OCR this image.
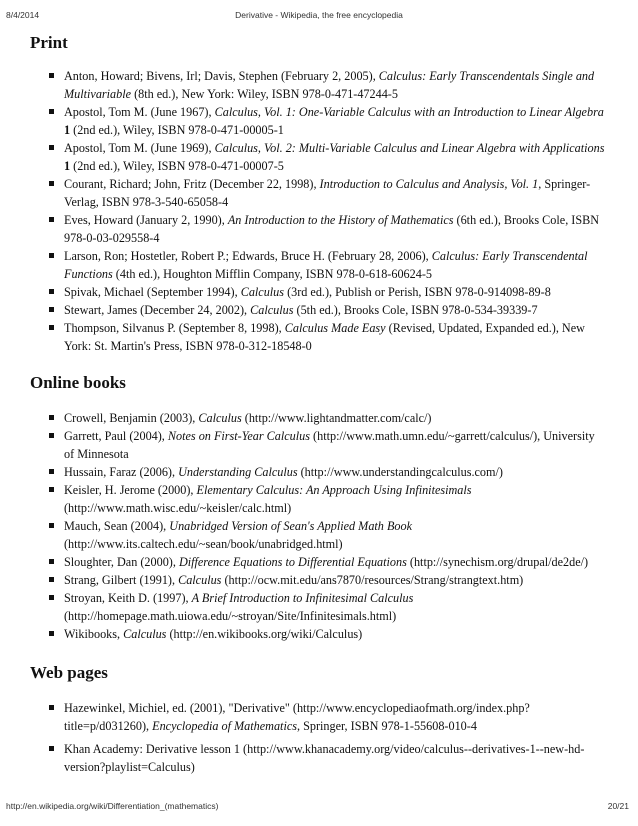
8/4/2014	Derivative - Wikipedia, the free encyclopedia
Print
Anton, Howard; Bivens, Irl; Davis, Stephen (February 2, 2005), Calculus: Early Transcendentals Single and Multivariable (8th ed.), New York: Wiley, ISBN 978-0-471-47244-5
Apostol, Tom M. (June 1967), Calculus, Vol. 1: One-Variable Calculus with an Introduction to Linear Algebra 1 (2nd ed.), Wiley, ISBN 978-0-471-00005-1
Apostol, Tom M. (June 1969), Calculus, Vol. 2: Multi-Variable Calculus and Linear Algebra with Applications 1 (2nd ed.), Wiley, ISBN 978-0-471-00007-5
Courant, Richard; John, Fritz (December 22, 1998), Introduction to Calculus and Analysis, Vol. 1, Springer-Verlag, ISBN 978-3-540-65058-4
Eves, Howard (January 2, 1990), An Introduction to the History of Mathematics (6th ed.), Brooks Cole, ISBN 978-0-03-029558-4
Larson, Ron; Hostetler, Robert P.; Edwards, Bruce H. (February 28, 2006), Calculus: Early Transcendental Functions (4th ed.), Houghton Mifflin Company, ISBN 978-0-618-60624-5
Spivak, Michael (September 1994), Calculus (3rd ed.), Publish or Perish, ISBN 978-0-914098-89-8
Stewart, James (December 24, 2002), Calculus (5th ed.), Brooks Cole, ISBN 978-0-534-39339-7
Thompson, Silvanus P. (September 8, 1998), Calculus Made Easy (Revised, Updated, Expanded ed.), New York: St. Martin's Press, ISBN 978-0-312-18548-0
Online books
Crowell, Benjamin (2003), Calculus (http://www.lightandmatter.com/calc/)
Garrett, Paul (2004), Notes on First-Year Calculus (http://www.math.umn.edu/~garrett/calculus/), University of Minnesota
Hussain, Faraz (2006), Understanding Calculus (http://www.understandingcalculus.com/)
Keisler, H. Jerome (2000), Elementary Calculus: An Approach Using Infinitesimals (http://www.math.wisc.edu/~keisler/calc.html)
Mauch, Sean (2004), Unabridged Version of Sean's Applied Math Book (http://www.its.caltech.edu/~sean/book/unabridged.html)
Sloughter, Dan (2000), Difference Equations to Differential Equations (http://synechism.org/drupal/de2de/)
Strang, Gilbert (1991), Calculus (http://ocw.mit.edu/ans7870/resources/Strang/strangtext.htm)
Stroyan, Keith D. (1997), A Brief Introduction to Infinitesimal Calculus (http://homepage.math.uiowa.edu/~stroyan/Site/Infinitesimals.html)
Wikibooks, Calculus (http://en.wikibooks.org/wiki/Calculus)
Web pages
Hazewinkel, Michiel, ed. (2001), "Derivative" (http://www.encyclopediaofmath.org/index.php?title=p/d031260), Encyclopedia of Mathematics, Springer, ISBN 978-1-55608-010-4
Khan Academy: Derivative lesson 1 (http://www.khanacademy.org/video/calculus--derivatives-1--new-hd-version?playlist=Calculus)
http://en.wikipedia.org/wiki/Differentiation_(mathematics)	20/21
